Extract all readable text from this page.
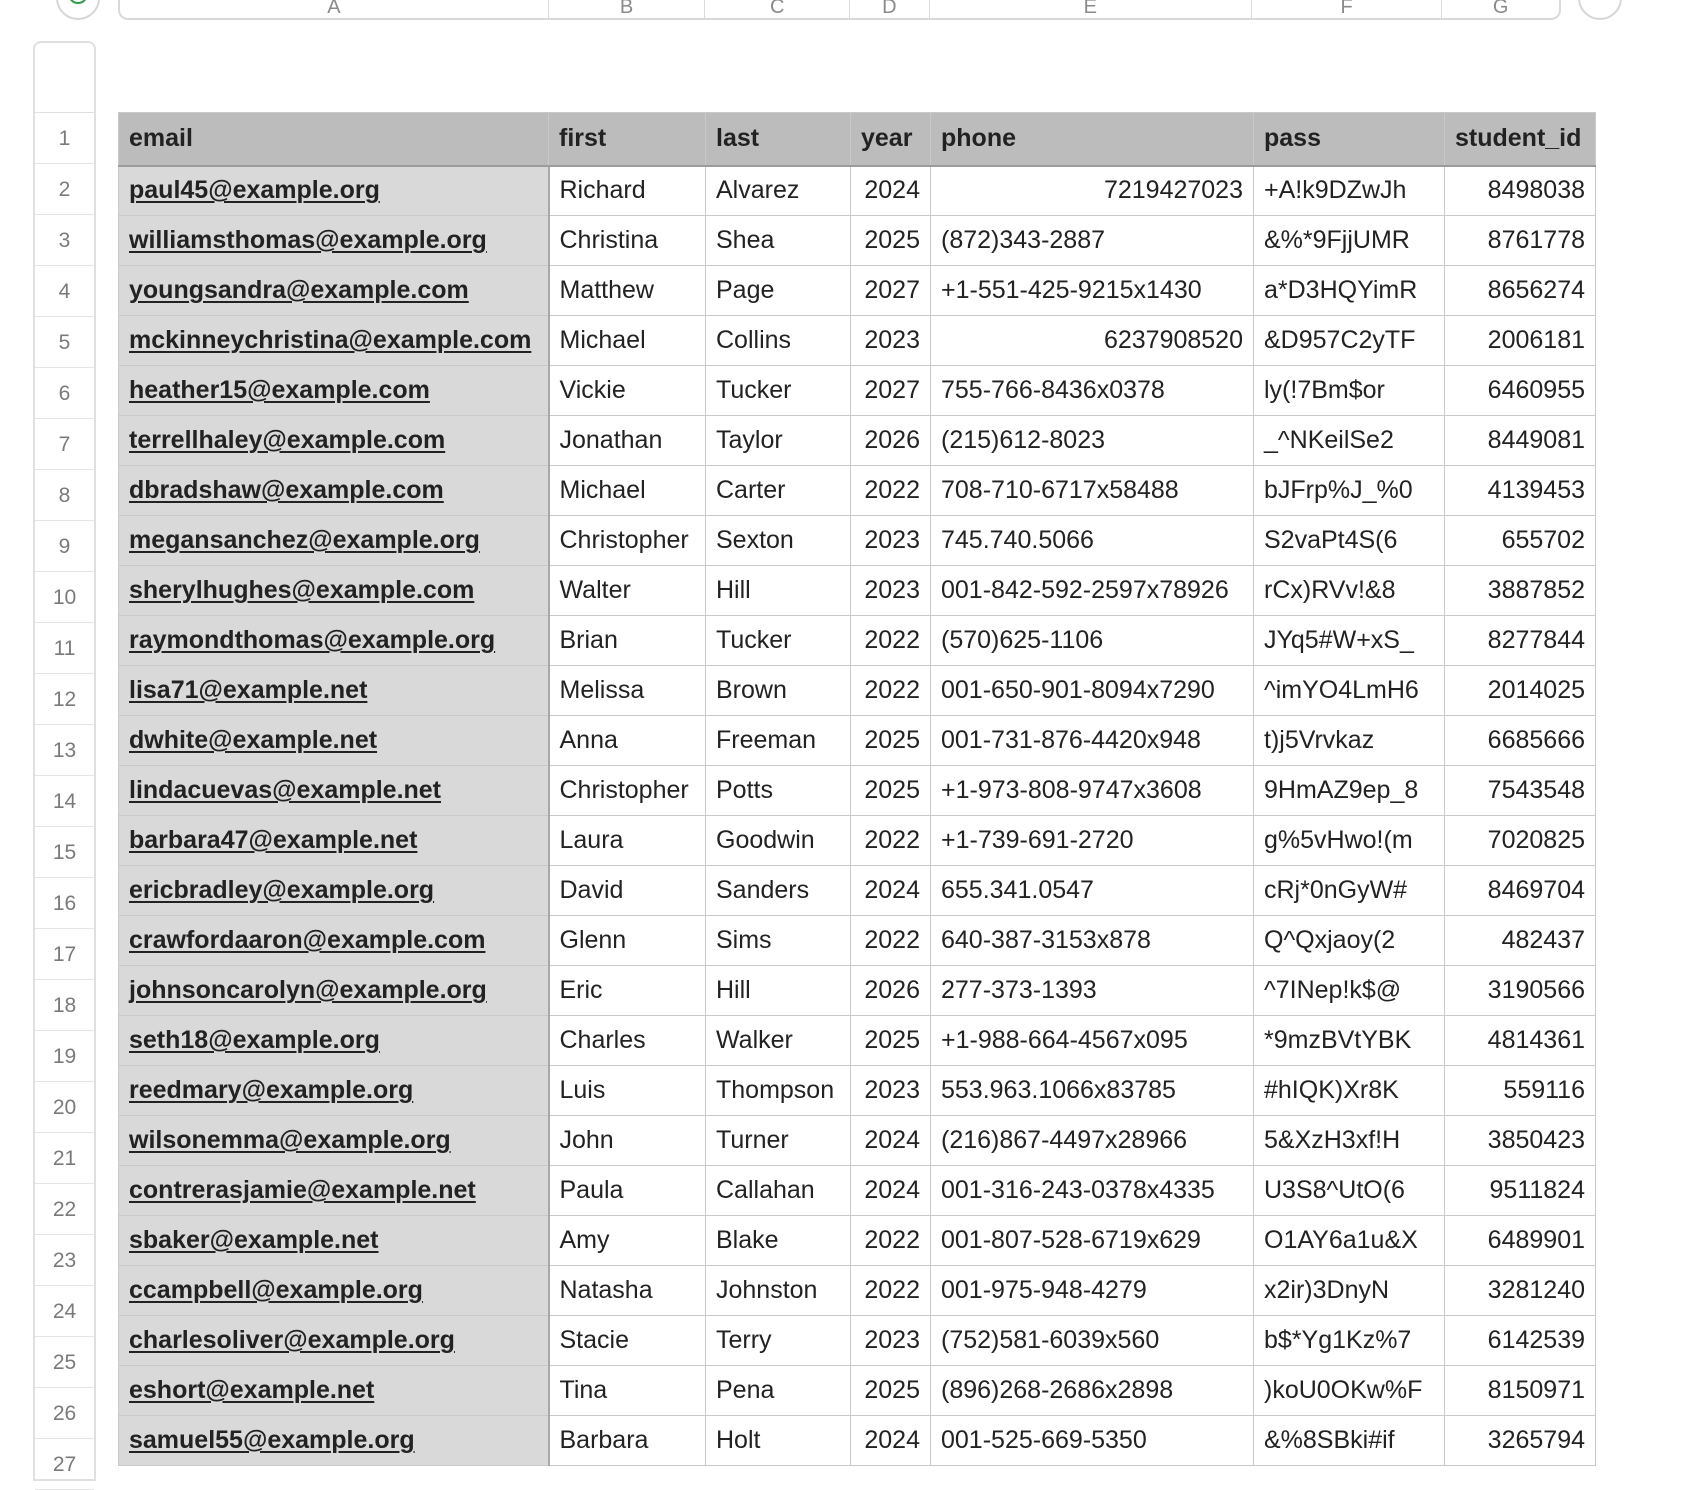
A	B	C	D	E	F	G
1
2
3
4
5
6
7
8
9
10
11
12
13
14
15
16
17
18
19
20
21
22
23
24
25
26
27
email	first	last	year	phone	pass	student_id
paul45@example.org	Richard	Alvarez	2024	7219427023	+A!k9DZwJh	8498038
williamsthomas@example.org	Christina	Shea	2025	(872)343-2887	&%*9FjjUMR	8761778
youngsandra@example.com	Matthew	Page	2027	+1-551-425-9215x1430	a*D3HQYimR	8656274
mckinneychristina@example.com	Michael	Collins	2023	6237908520	&D957C2yTF	2006181
heather15@example.com	Vickie	Tucker	2027	755-766-8436x0378	ly(!7Bm$or	6460955
terrellhaley@example.com	Jonathan	Taylor	2026	(215)612-8023	_^NKeilSe2	8449081
dbradshaw@example.com	Michael	Carter	2022	708-710-6717x58488	bJFrp%J_%0	4139453
megansanchez@example.org	Christopher	Sexton	2023	745.740.5066	S2vaPt4S(6	655702
sherylhughes@example.com	Walter	Hill	2023	001-842-592-2597x78926	rCx)RVv!&8	3887852
raymondthomas@example.org	Brian	Tucker	2022	(570)625-1106	JYq5#W+xS_	8277844
lisa71@example.net	Melissa	Brown	2022	001-650-901-8094x7290	^imYO4LmH6	2014025
dwhite@example.net	Anna	Freeman	2025	001-731-876-4420x948	t)j5Vrvkaz	6685666
lindacuevas@example.net	Christopher	Potts	2025	+1-973-808-9747x3608	9HmAZ9ep_8	7543548
barbara47@example.net	Laura	Goodwin	2022	+1-739-691-2720	g%5vHwo!(m	7020825
ericbradley@example.org	David	Sanders	2024	655.341.0547	cRj*0nGyW#	8469704
crawfordaaron@example.com	Glenn	Sims	2022	640-387-3153x878	Q^Qxjaoy(2	482437
johnsoncarolyn@example.org	Eric	Hill	2026	277-373-1393	^7INep!k$@	3190566
seth18@example.org	Charles	Walker	2025	+1-988-664-4567x095	*9mzBVtYBK	4814361
reedmary@example.org	Luis	Thompson	2023	553.963.1066x83785	#hIQK)Xr8K	559116
wilsonemma@example.org	John	Turner	2024	(216)867-4497x28966	5&XzH3xf!H	3850423
contrerasjamie@example.net	Paula	Callahan	2024	001-316-243-0378x4335	U3S8^UtO(6	9511824
sbaker@example.net	Amy	Blake	2022	001-807-528-6719x629	O1AY6a1u&X	6489901
ccampbell@example.org	Natasha	Johnston	2022	001-975-948-4279	x2ir)3DnyN	3281240
charlesoliver@example.org	Stacie	Terry	2023	(752)581-6039x560	b$*Yg1Kz%7	6142539
eshort@example.net	Tina	Pena	2025	(896)268-2686x2898	)koU0OKw%F	8150971
samuel55@example.org	Barbara	Holt	2024	001-525-669-5350	&%8SBki#if	3265794
